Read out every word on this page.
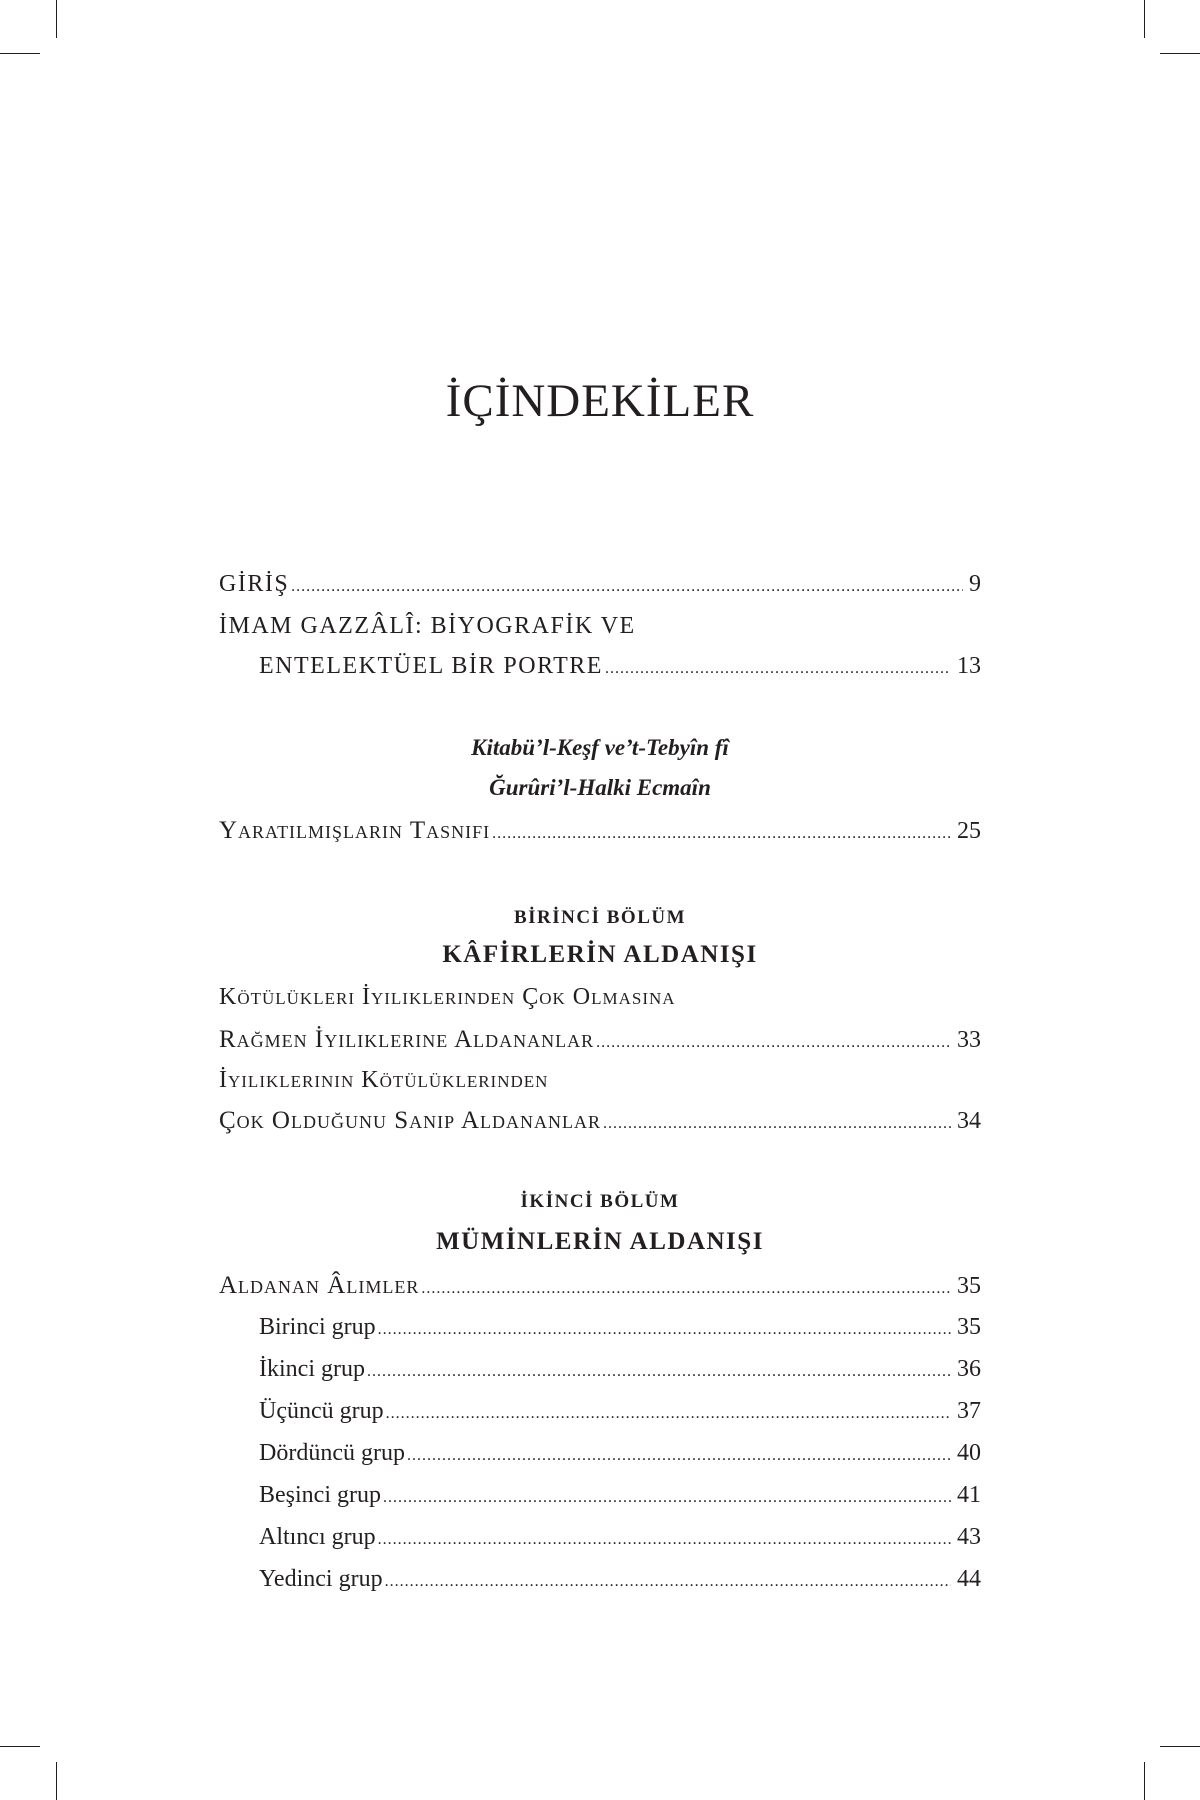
İÇİNDEKİLER
GİRİŞ .....	9
İMAM GAZZÂLÎ: BİYOGRAFİK VE
ENTELEKTÜEL BİR PORTRE .....	13
Kitabü’l-Keşf ve’t-Tebyîn fî
Ğurûri’l-Halki Ecmaîn
Yaratılmışların Tasnifi .....	25
BİRİNCİ BÖLÜM
KÂFİRLERİN ALDANIŞI
Kötülükleri İyiliklerinden Çok Olmasına
Rağmen İyiliklerine Aldananlar .....	33
İyiliklerinin Kötülüklerinden
Çok Olduğunu Sanıp Aldananlar .....	34
İKİNCİ BÖLÜM
MÜMİNLERİN ALDANIŞI
Aldanan Âlimler .....	35
Birinci grup .....	35
İkinci grup .....	36
Üçüncü grup .....	37
Dördüncü grup .....	40
Beşinci grup .....	41
Altıncı grup .....	43
Yedinci grup .....	44
